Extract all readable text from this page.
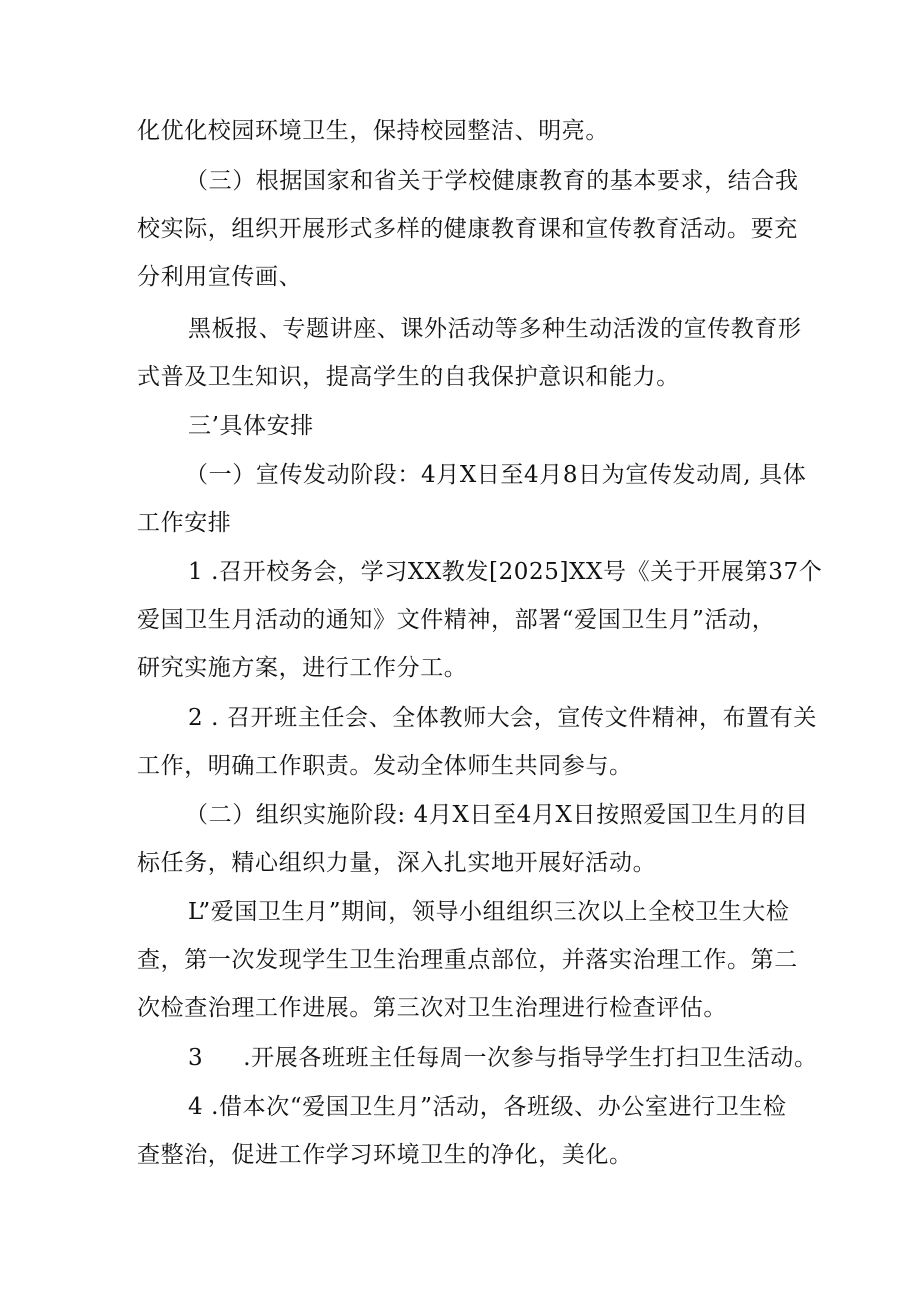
化优化校园环境卫生，保持校园整洁、明亮。
（三）根据国家和省关于学校健康教育的基本要求，结合我
校实际，组织开展形式多样的健康教育课和宣传教育活动。要充
分利用宣传画、
黑板报、专题讲座、课外活动等多种生动活泼的宣传教育形
式普及卫生知识，提高学生的自我保护意识和能力。
三’具体安排
（一）宣传发动阶段：4月X日至4月8日为宣传发动周, 具体
工作安排
1 .召开校务会，学习XX教发[2025]XX号《关于开展第37个
爱国卫生月活动的通知》文件精神，部署“爱国卫生月”活动，
研究实施方案，进行工作分工。
2 . 召开班主任会、全体教师大会，宣传文件精神，布置有关
工作，明确工作职责。发动全体师生共同参与。
（二）组织实施阶段: 4月X日至4月X日按照爱国卫生月的目
标任务，精心组织力量，深入扎实地开展好活动。
L”爱国卫生月”期间，领导小组组织三次以上全校卫生大检
查，第一次发现学生卫生治理重点部位，并落实治理工作。第二
次检查治理工作进展。第三次对卫生治理进行检查评估。
3 .开展各班班主任每周一次参与指导学生打扫卫生活动。
4 .借本次“爱国卫生月”活动，各班级、办公室进行卫生检
查整治，促进工作学习环境卫生的净化，美化。
